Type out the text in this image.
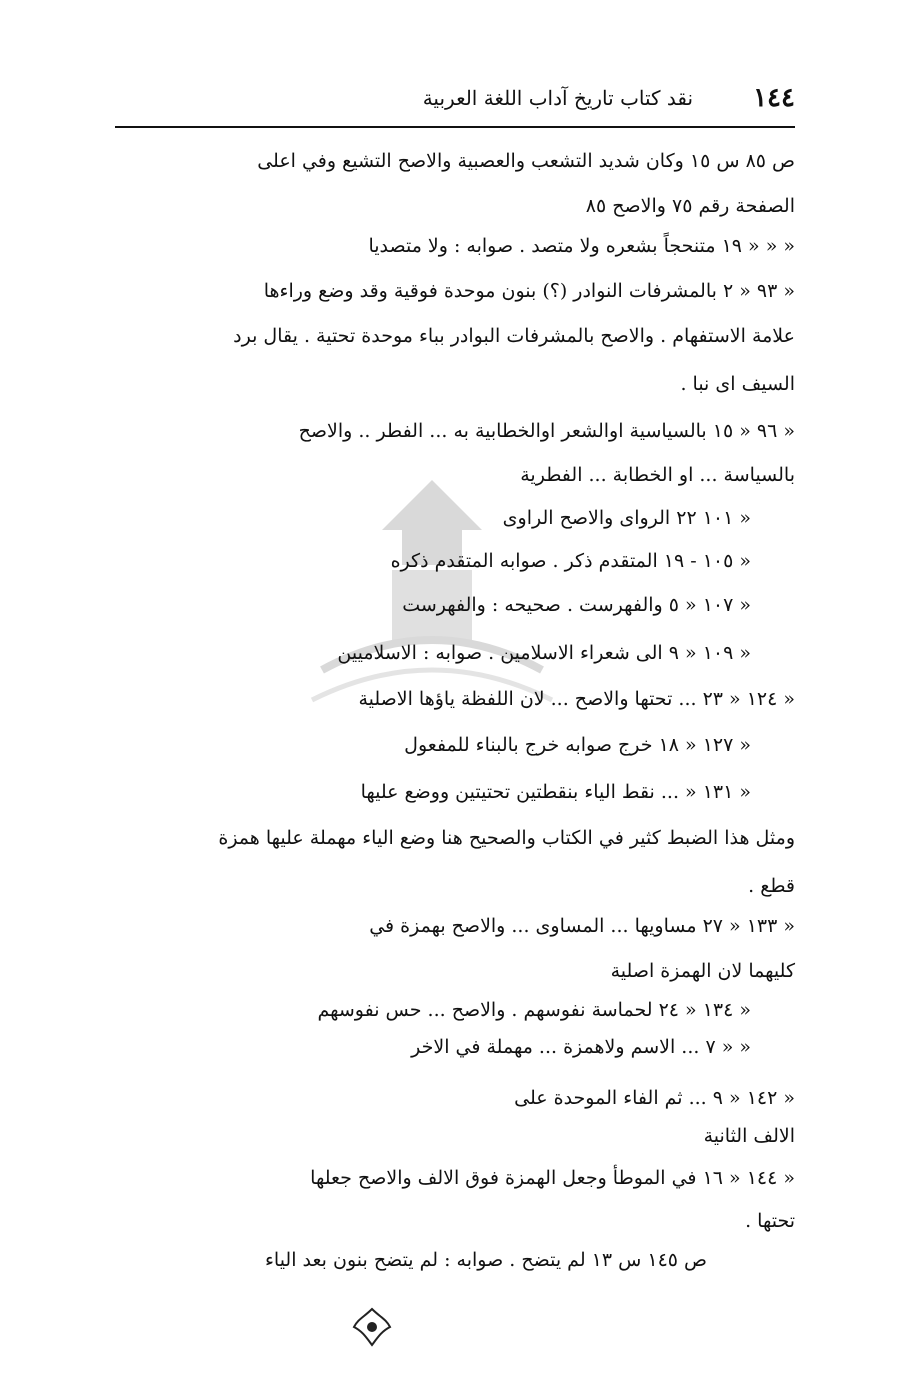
١٤٤
نقد كتاب تاريخ آداب اللغة العربية
ص ٨٥ س ١٥ وكان شديد التشعب والعصبية والاصح التشيع وفي اعلى
الصفحة رقم ٧٥ والاصح ٨٥
« « « ١٩ متنحجاً بشعره ولا متصد . صوابه : ولا متصديا
« ٩٣ « ٢ بالمشرفات النوادر (؟) بنون موحدة فوقية وقد وضع وراءها
علامة الاستفهام . والاصح بالمشرفات البوادر بباء موحدة تحتية . يقال برد
السيف اى نبا .
« ٩٦ « ١٥ بالسياسية اوالشعر اوالخطابية به ... الفطر .. والاصح
بالسياسة ... او الخطابة ... الفطرية
« ١٠١ ٢٢ الرواى والاصح الراوى
« ١٠٥ - ١٩ المتقدم ذكر . صوابه المتقدم ذكره
« ١٠٧ « ٥ والفهرست . صحيحه : والفهرست
« ١٠٩ « ٩ الى شعراء الاسلامين . صوابه : الاسلاميين
« ١٢٤ « ٢٣ ... تحتها والاصح ... لان اللفظة ياؤها الاصلية
« ١٢٧ « ١٨ خرج صوابه خرج بالبناء للمفعول
« ١٣١ « ... نقط الياء بنقطتين تحتيتين ووضع عليها
ومثل هذا الضبط كثير في الكتاب والصحيح هنا وضع الياء مهملة عليها همزة
قطع .
« ١٣٣ « ٢٧ مساويها ... المساوى ... والاصح بهمزة في
كليهما لان الهمزة اصلية
« ١٣٤ « ٢٤ لحماسة نفوسهم . والاصح ... حس نفوسهم
« « ٧ ... الاسم ولاهمزة ... مهملة في الاخر
« ١٤٢ « ٩ ... ثم الفاء الموحدة على
الالف الثانية
« ١٤٤ « ١٦ في الموطأ وجعل الهمزة فوق الالف والاصح جعلها
تحتها .
ص ١٤٥ س ١٣ لم يتضح . صوابه : لم يتضح بنون بعد الياء
